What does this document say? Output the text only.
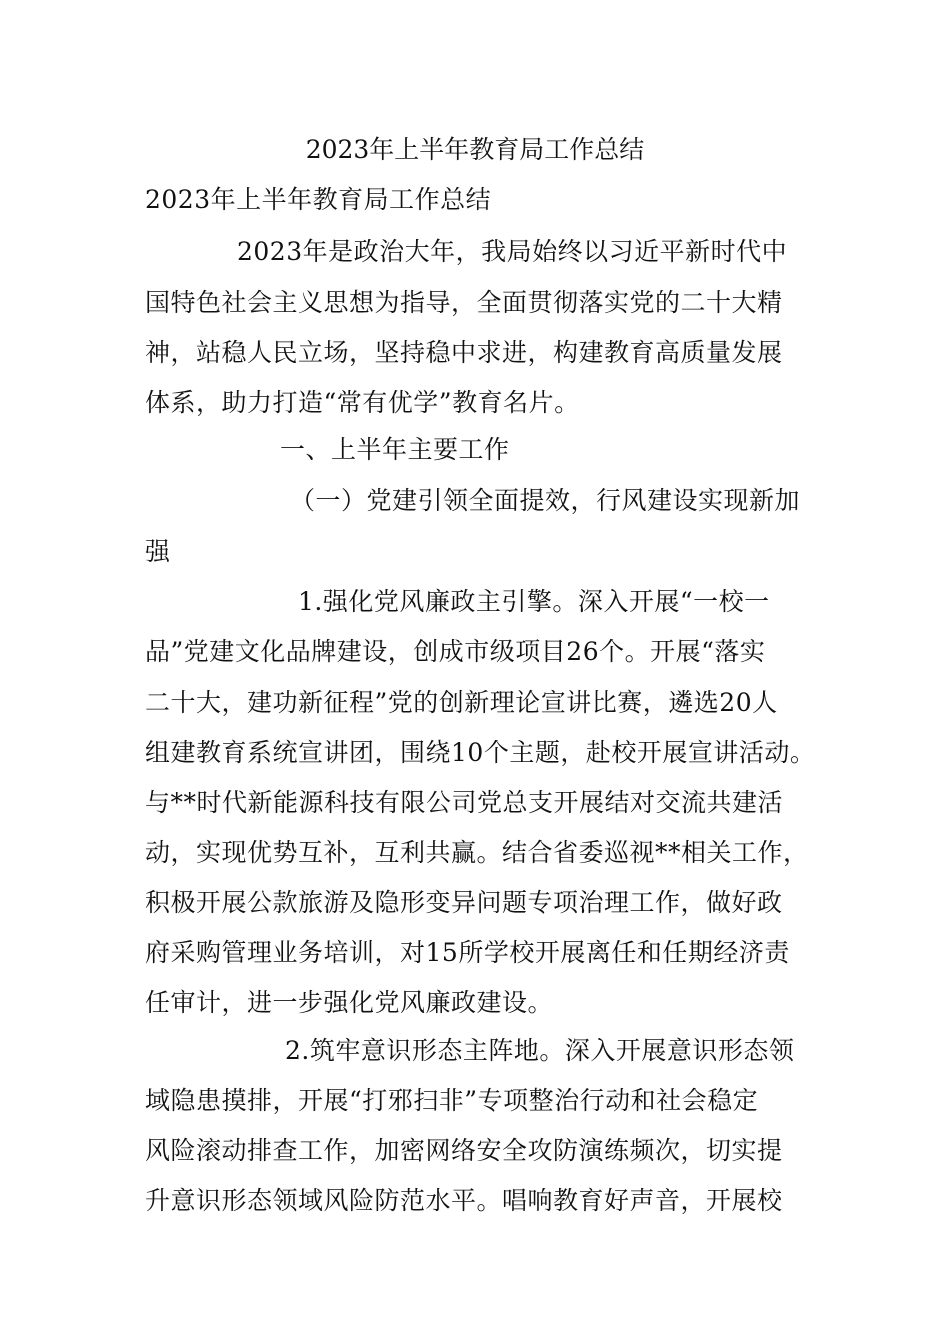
2023年上半年教育局工作总结
2023年上半年教育局工作总结
2023年是政治大年，我局始终以习近平新时代中
国特色社会主义思想为指导，全面贯彻落实党的二十大精
神，站稳人民立场，坚持稳中求进，构建教育高质量发展
体系，助力打造“常有优学”教育名片。
一、上半年主要工作
（一）党建引领全面提效，行风建设实现新加
强
1.强化党风廉政主引擎。深入开展“一校一
品”党建文化品牌建设，创成市级项目26个。开展“落实
二十大，建功新征程”党的创新理论宣讲比赛，遴选20人
组建教育系统宣讲团，围绕10个主题，赴校开展宣讲活动。
与**时代新能源科技有限公司党总支开展结对交流共建活
动，实现优势互补，互利共赢。结合省委巡视**相关工作，
积极开展公款旅游及隐形变异问题专项治理工作，做好政
府采购管理业务培训，对15所学校开展离任和任期经济责
任审计，进一步强化党风廉政建设。
2.筑牢意识形态主阵地。深入开展意识形态领
域隐患摸排，开展“打邪扫非”专项整治行动和社会稳定
风险滚动排查工作，加密网络安全攻防演练频次，切实提
升意识形态领域风险防范水平。唱响教育好声音，开展校
